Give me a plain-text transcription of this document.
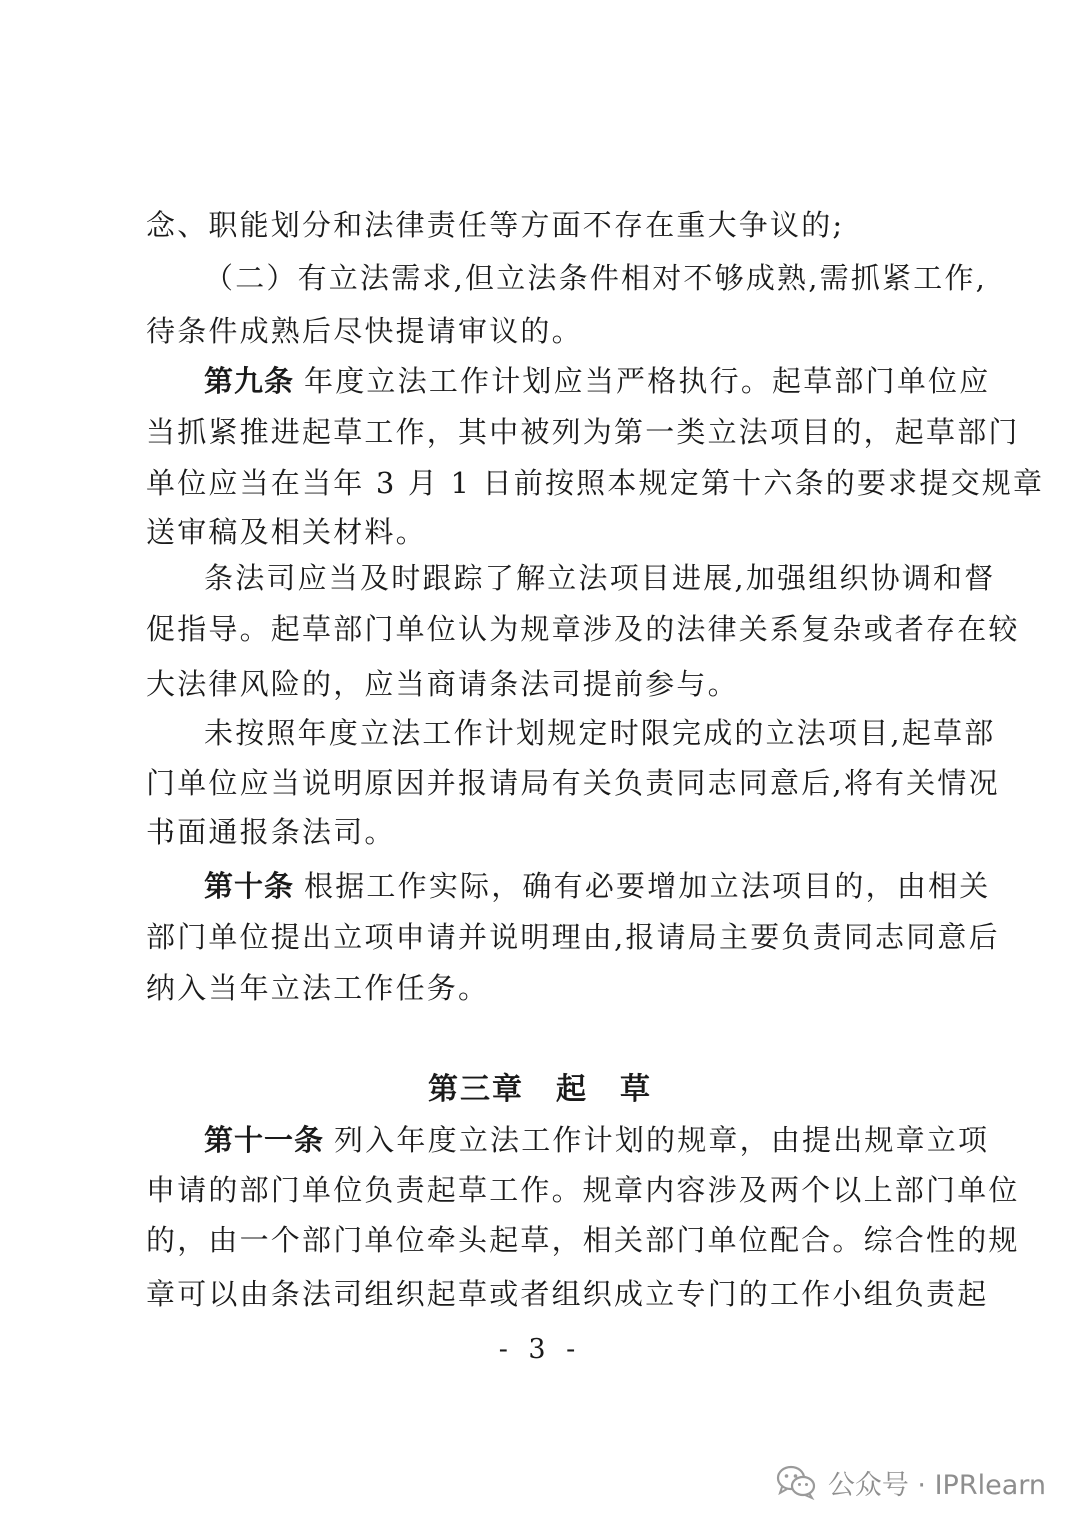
念、职能划分和法律责任等方面不存在重大争议的;
（二）有立法需求,但立法条件相对不够成熟,需抓紧工作,
待条件成熟后尽快提请审议的。
第九条 年度立法工作计划应当严格执行。起草部门单位应
当抓紧推进起草工作，其中被列为第一类立法项目的，起草部门
单位应当在当年 3 月 1 日前按照本规定第十六条的要求提交规章
送审稿及相关材料。
条法司应当及时跟踪了解立法项目进展,加强组织协调和督
促指导。起草部门单位认为规章涉及的法律关系复杂或者存在较
大法律风险的，应当商请条法司提前参与。
未按照年度立法工作计划规定时限完成的立法项目,起草部
门单位应当说明原因并报请局有关负责同志同意后,将有关情况
书面通报条法司。
第十条 根据工作实际，确有必要增加立法项目的，由相关
部门单位提出立项申请并说明理由,报请局主要负责同志同意后
纳入当年立法工作任务。
第三章　起　草
第十一条 列入年度立法工作计划的规章，由提出规章立项
申请的部门单位负责起草工作。规章内容涉及两个以上部门单位
的，由一个部门单位牵头起草，相关部门单位配合。综合性的规
章可以由条法司组织起草或者组织成立专门的工作小组负责起
- 3 -
公众号 · IPRlearn
